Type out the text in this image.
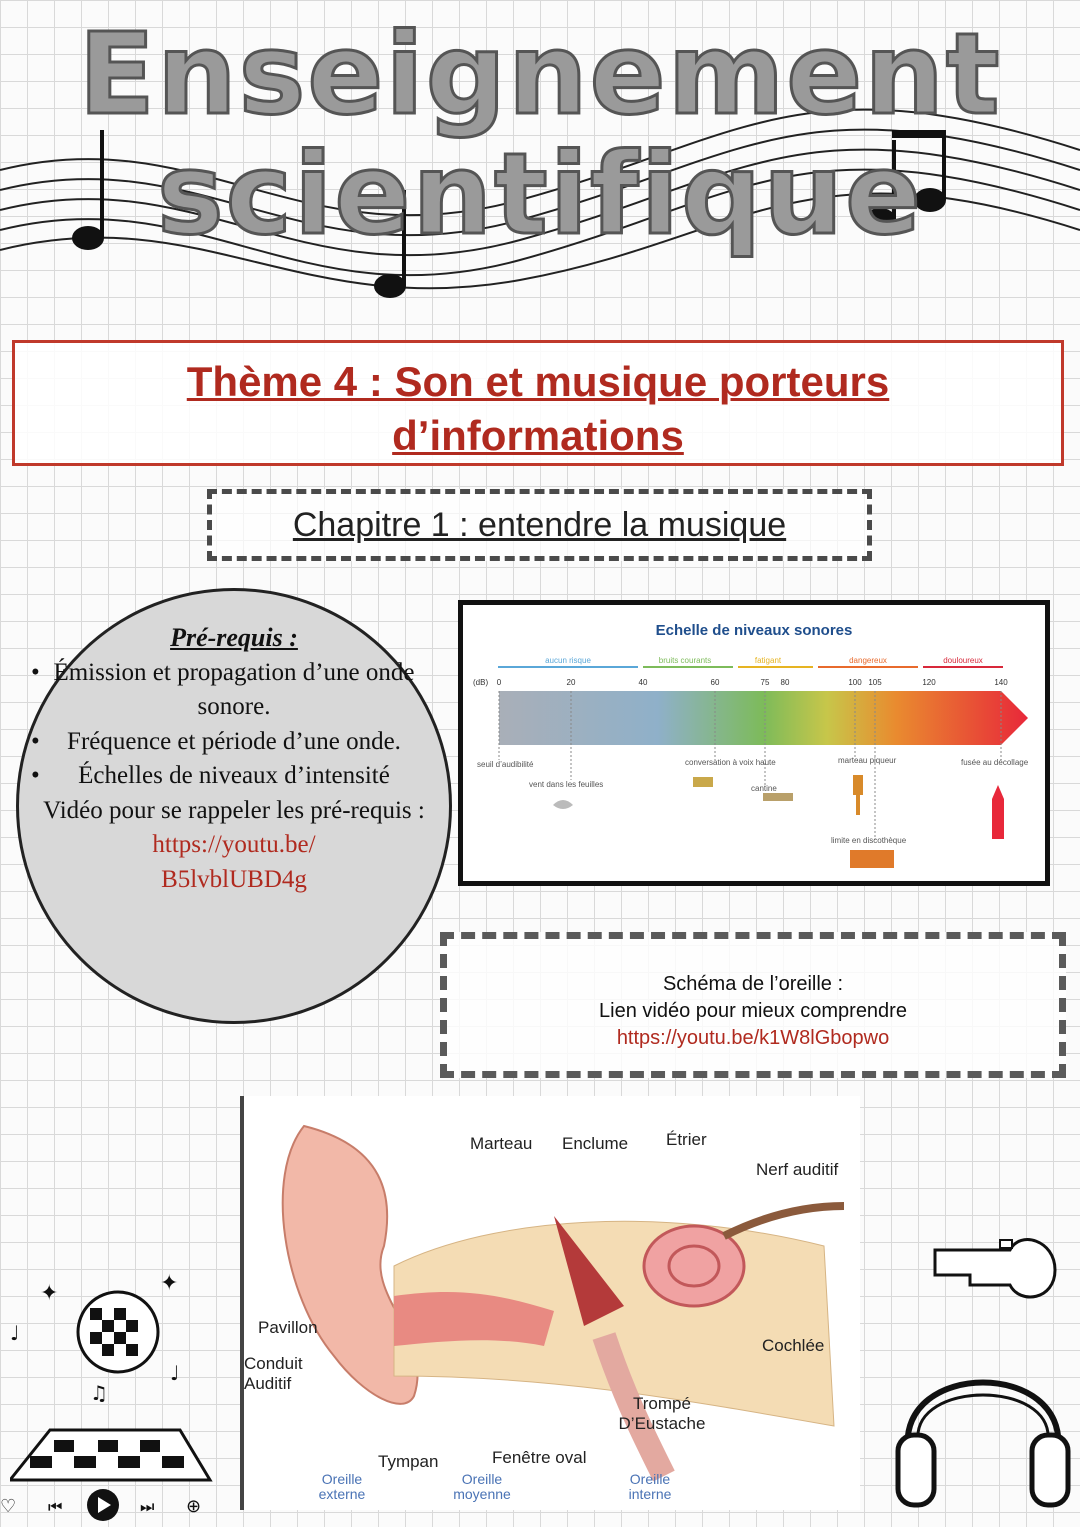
Enseignement
scientifique
Thème 4 : Son et musique porteurs
d’informations
Chapitre 1 : entendre la musique
Pré-requis :
• Émission et propagation d’une onde sonore.
• Fréquence et période d’une onde.
• Échelles de niveaux d’intensité
Vidéo pour se rappeler les pré-requis :
https://youtu.be/
B5lvblUBD4g
Echelle de niveaux sonores
aucun risque	bruits courants	fatigant	dangereux	douloureux
(dB) 0	20	40	60	75 80	100 105	120	140
seuil d’audibilité
vent dans les feuilles
conversation à voix haute
cantine
marteau piqueur
limite en discothèque
fusée au décollage
Schéma de l’oreille :
Lien vidéo pour mieux comprendre
https://youtu.be/k1W8lGbopwo
Marteau Enclume Étrier
Nerf auditif
Pavillon
Conduit Auditif
Cochlée
Trompé D’Eustache
Tympan	Fenêtre oval
Oreille externe
Oreille moyenne
Oreille interne
✦	✦
♩
♩
♫
♡ ⏮	⏭ ⊕
